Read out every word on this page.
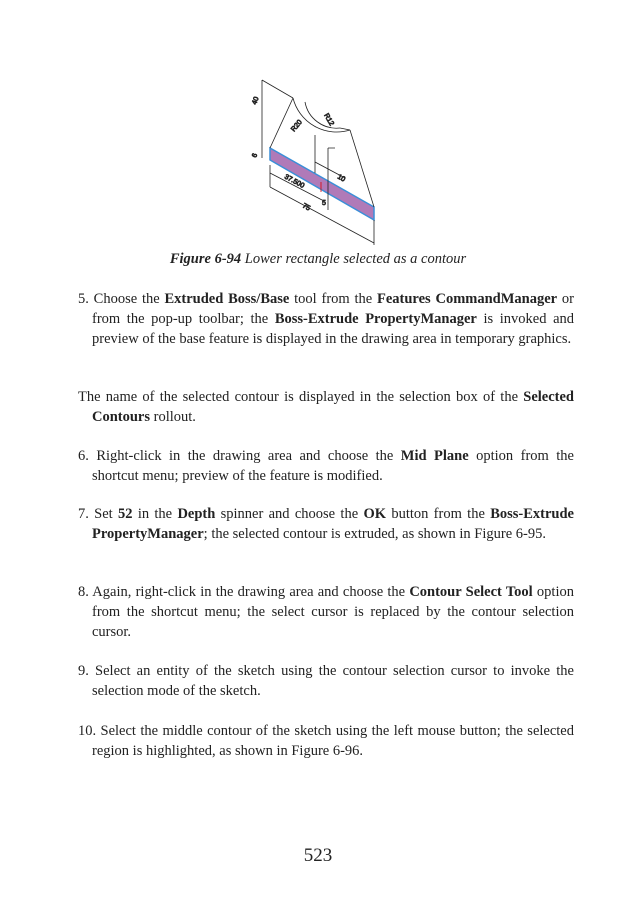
40
6
R20	R12
10
37.500
5
75
Figure 6-94 Lower rectangle selected as a contour
5. Choose the Extruded Boss/Base tool from the Features CommandManager or from the pop-up toolbar; the Boss-Extrude PropertyManager is invoked and preview of the base feature is displayed in the drawing area in temporary graphics.
The name of the selected contour is displayed in the selection box of the Selected Contours rollout.
6. Right-click in the drawing area and choose the Mid Plane option from the shortcut menu; preview of the feature is modified.
7. Set 52 in the Depth spinner and choose the OK button from the Boss-Extrude PropertyManager; the selected contour is extruded, as shown in Figure 6-95.
8. Again, right-click in the drawing area and choose the Contour Select Tool option from the shortcut menu; the select cursor is replaced by the contour selection cursor.
9. Select an entity of the sketch using the contour selection cursor to invoke the selection mode of the sketch.
10. Select the middle contour of the sketch using the left mouse button; the selected region is highlighted, as shown in Figure 6-96.
523
